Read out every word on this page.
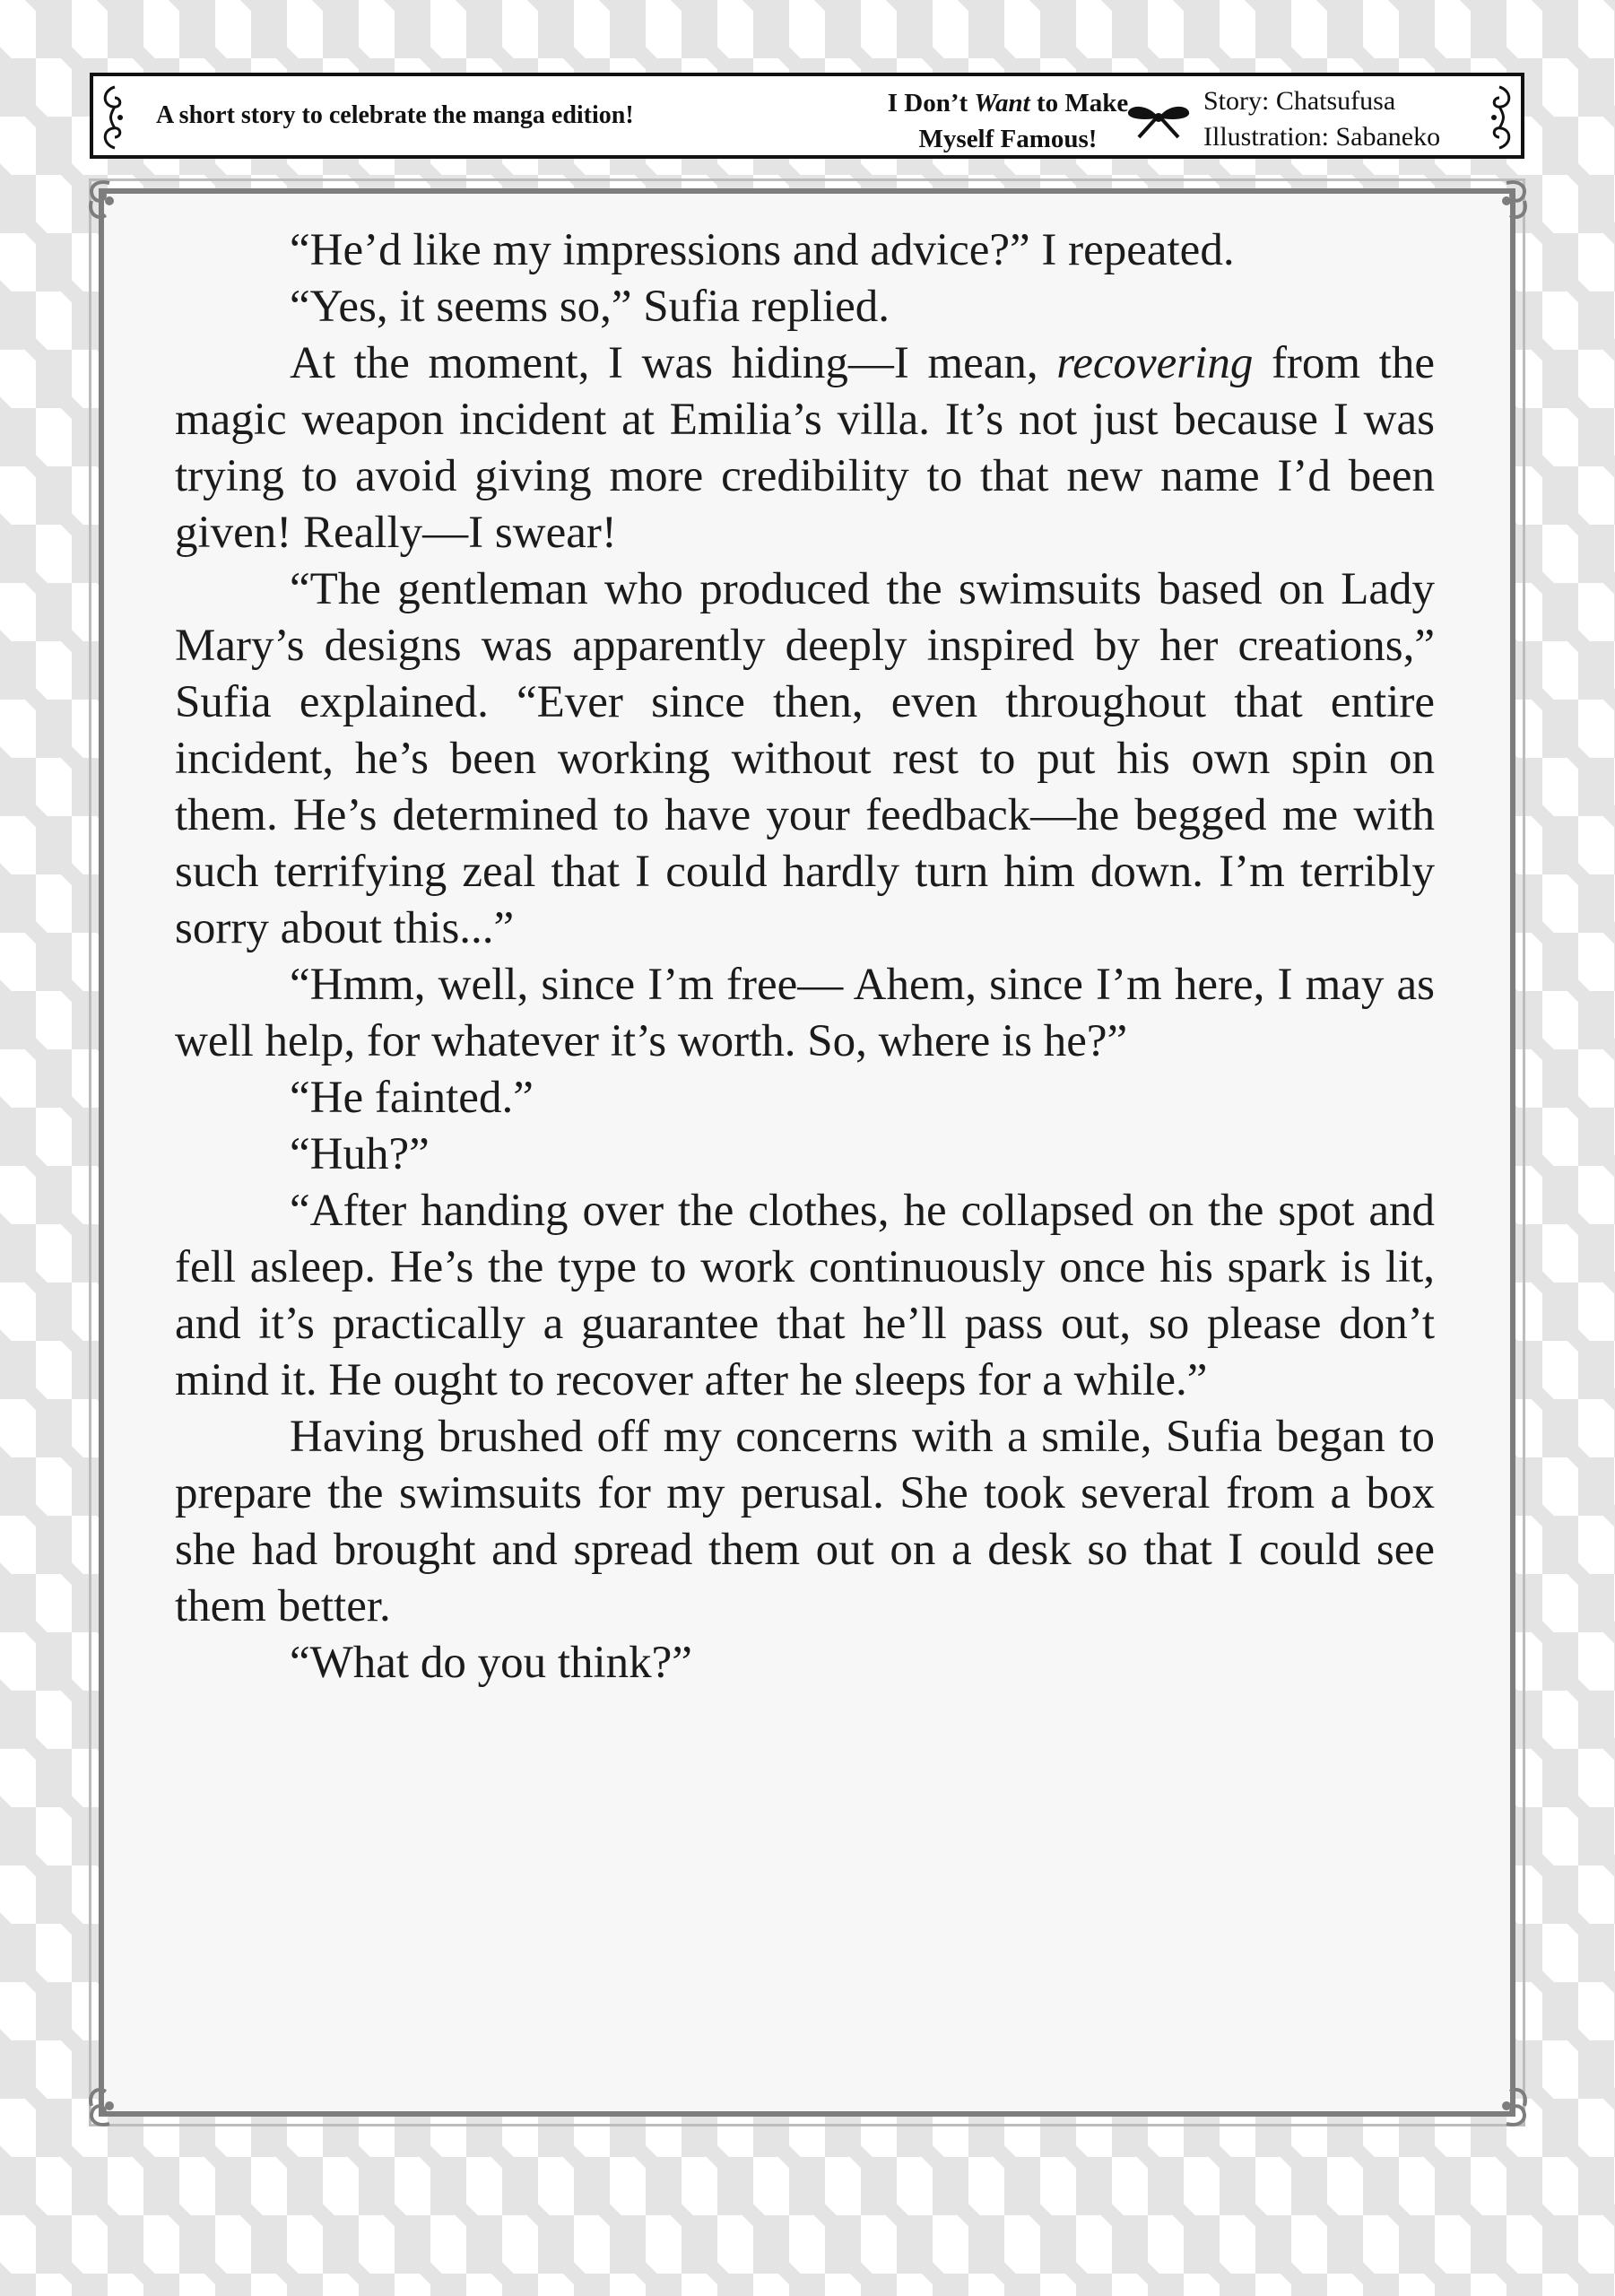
A short story to celebrate the manga edition!	I Don’t Want to Make
Myself Famous!
Story: Chatsufusa
Illustration: Sabaneko

“He’d like my impressions and advice?” I repeated.

“Yes, it seems so,” Sufia replied.

At the moment, I was hiding—I mean, recovering from the magic weapon incident at Emilia’s villa. It’s not just because I was trying to avoid giving more credibility to that new name I’d been given! Really—I swear!

“The gentleman who produced the swimsuits based on Lady Mary’s designs was apparently deeply inspired by her creations,” Sufia explained. “Ever since then, even throughout that entire incident, he’s been working without rest to put his own spin on them. He’s determined to have your feedback—he begged me with such terrifying zeal that I could hardly turn him down. I’m terribly sorry about this...”

“Hmm, well, since I’m free— Ahem, since I’m here, I may as well help, for whatever it’s worth. So, where is he?”

“He fainted.”

“Huh?”

“After handing over the clothes, he collapsed on the spot and fell asleep. He’s the type to work continuously once his spark is lit, and it’s practically a guarantee that he’ll pass out, so please don’t mind it. He ought to recover after he sleeps for a while.”

Having brushed off my concerns with a smile, Sufia began to prepare the swimsuits for my perusal. She took several from a box she had brought and spread them out on a desk so that I could see them better.

“What do you think?”
